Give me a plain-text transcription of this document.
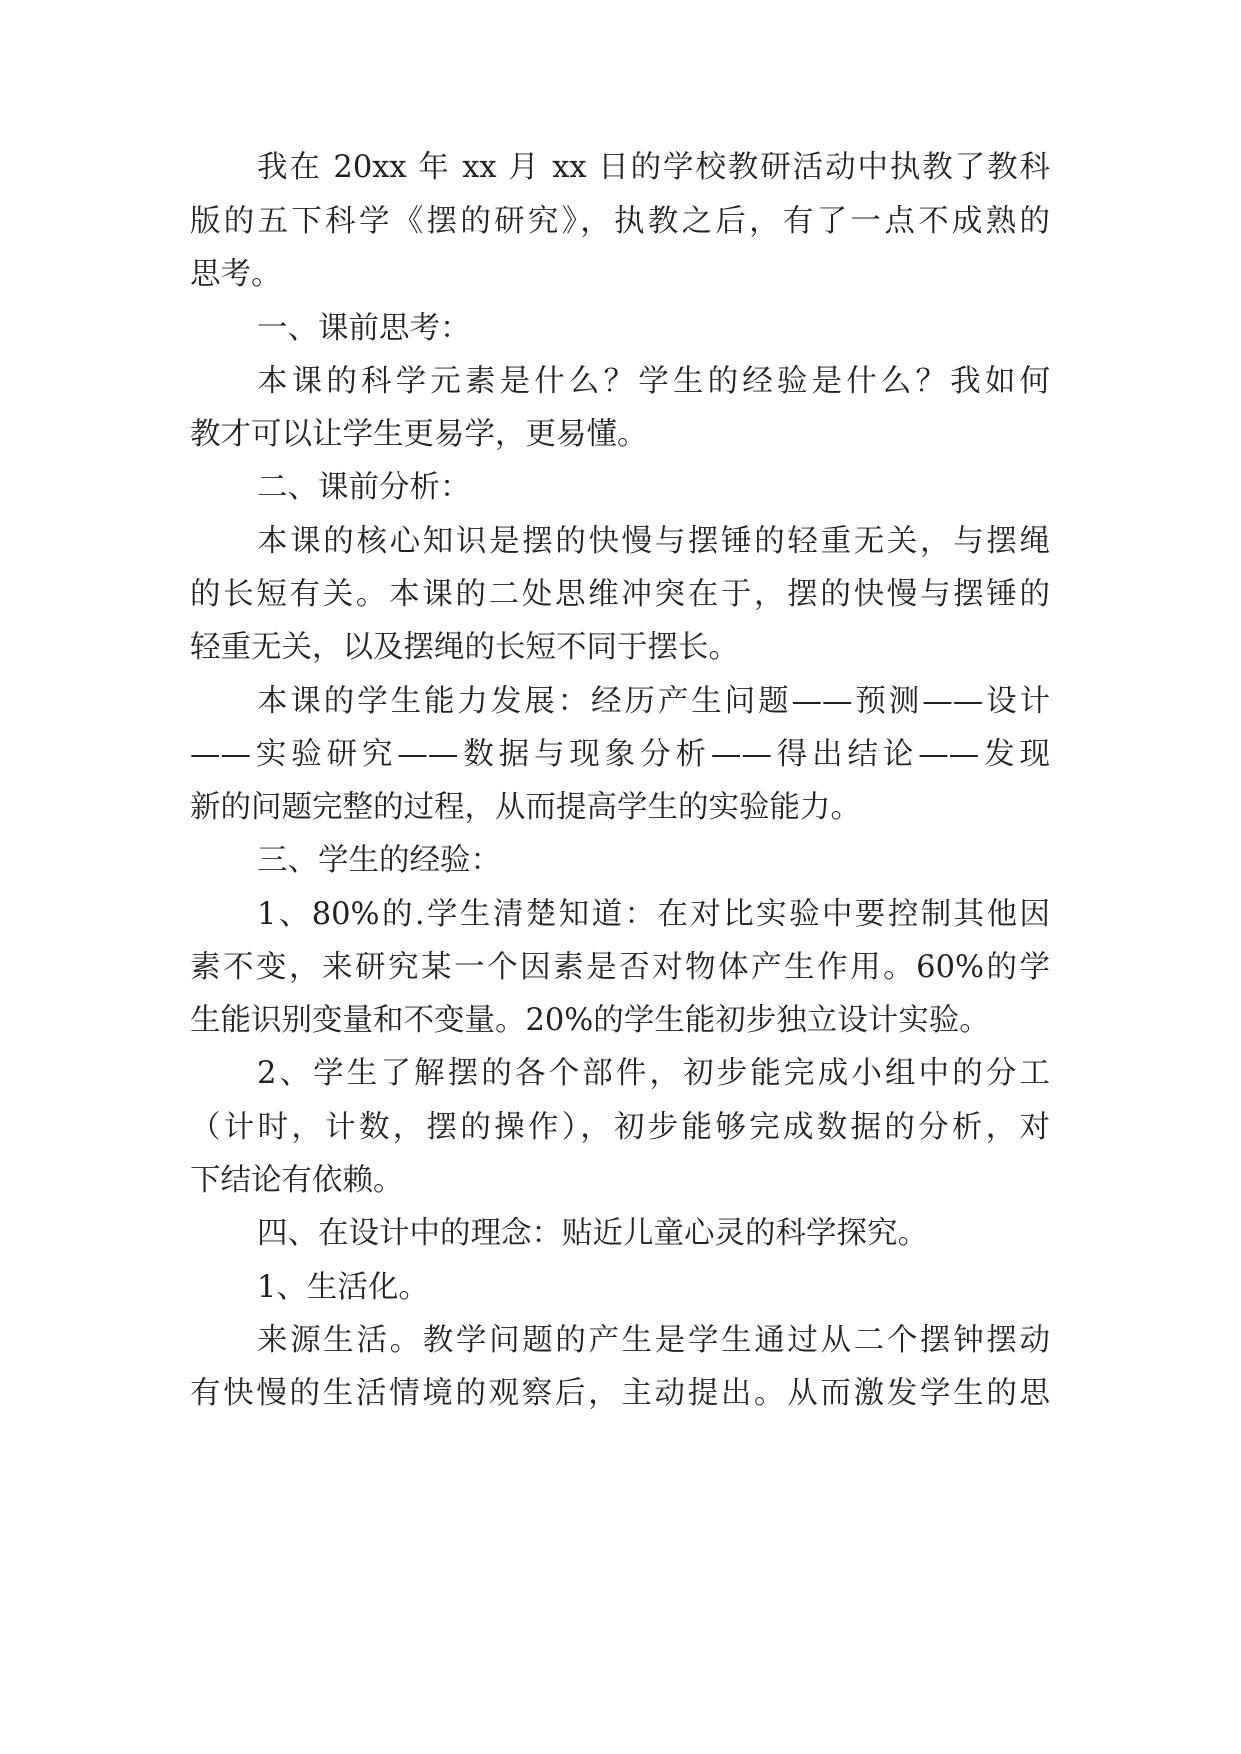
我在 20xx 年 xx 月 xx 日的学校教研活动中执教了教科
版的五下科学《摆的研究》，执教之后，有了一点不成熟的
思考。
一、课前思考：
本课的科学元素是什么？学生的经验是什么？我如何
教才可以让学生更易学，更易懂。
二、课前分析：
本课的核心知识是摆的快慢与摆锤的轻重无关，与摆绳
的长短有关。本课的二处思维冲突在于，摆的快慢与摆锤的
轻重无关，以及摆绳的长短不同于摆长。
本课的学生能力发展：经历产生问题——预测——设计
——实验研究——数据与现象分析——得出结论——发现
新的问题完整的过程，从而提高学生的实验能力。
三、学生的经验：
1、80%的.学生清楚知道：在对比实验中要控制其他因
素不变，来研究某一个因素是否对物体产生作用。60%的学
生能识别变量和不变量。20%的学生能初步独立设计实验。
2、学生了解摆的各个部件，初步能完成小组中的分工
（计时，计数，摆的操作），初步能够完成数据的分析，对
下结论有依赖。
四、在设计中的理念：贴近儿童心灵的科学探究。
1、生活化。
来源生活。教学问题的产生是学生通过从二个摆钟摆动
有快慢的生活情境的观察后，主动提出。从而激发学生的思
